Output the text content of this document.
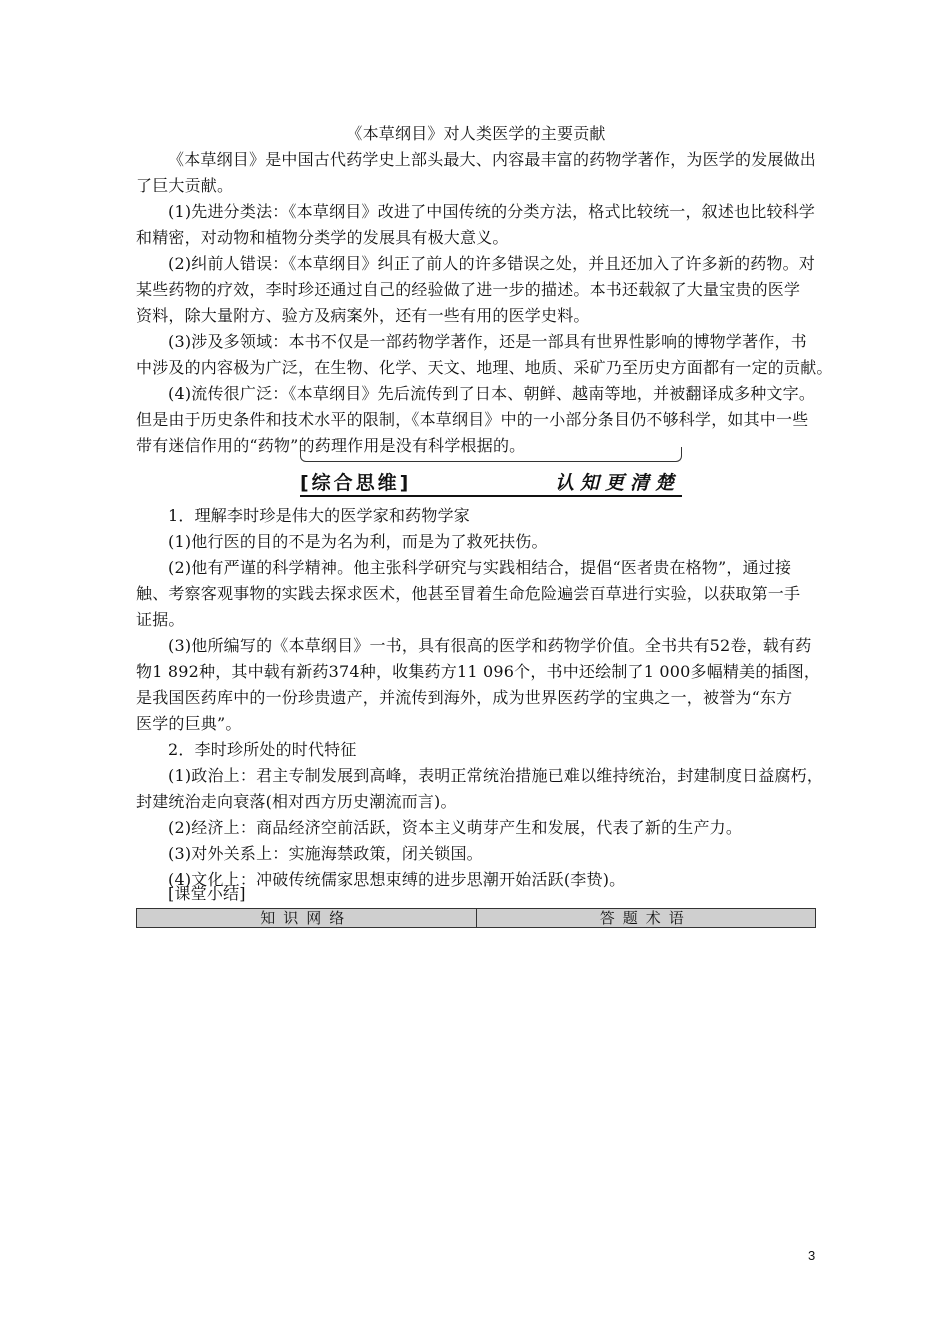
《本草纲目》对人类医学的主要贡献
《本草纲目》是中国古代药学史上部头最大、内容最丰富的药物学著作，为医学的发展做出
了巨大贡献。
(1)先进分类法：《本草纲目》改进了中国传统的分类方法，格式比较统一，叙述也比较科学
和精密，对动物和植物分类学的发展具有极大意义。
(2)纠前人错误：《本草纲目》纠正了前人的许多错误之处，并且还加入了许多新的药物。对
某些药物的疗效，李时珍还通过自己的经验做了进一步的描述。本书还载叙了大量宝贵的医学
资料，除大量附方、验方及病案外，还有一些有用的医学史料。
(3)涉及多领域：本书不仅是一部药物学著作，还是一部具有世界性影响的博物学著作，书
中涉及的内容极为广泛，在生物、化学、天文、地理、地质、采矿乃至历史方面都有一定的贡献。
(4)流传很广泛：《本草纲目》先后流传到了日本、朝鲜、越南等地，并被翻译成多种文字。
但是由于历史条件和技术水平的限制，《本草纲目》中的一小部分条目仍不够科学，如其中一些
带有迷信作用的“药物”的药理作用是没有科学根据的。
[综合思维]	认知更清楚
1．理解李时珍是伟大的医学家和药物学家
(1)他行医的目的不是为名为利，而是为了救死扶伤。
(2)他有严谨的科学精神。他主张科学研究与实践相结合，提倡“医者贵在格物”，通过接
触、考察客观事物的实践去探求医术，他甚至冒着生命危险遍尝百草进行实验，以获取第一手
证据。
(3)他所编写的《本草纲目》一书，具有很高的医学和药物学价值。全书共有52卷，载有药
物1 892种，其中载有新药374种，收集药方11 096个，书中还绘制了1 000多幅精美的插图，
是我国医药库中的一份珍贵遗产，并流传到海外，成为世界医药学的宝典之一，被誉为“东方
医学的巨典”。
2．李时珍所处的时代特征
(1)政治上：君主专制发展到高峰，表明正常统治措施已难以维持统治，封建制度日益腐朽，
封建统治走向衰落(相对西方历史潮流而言)。
(2)经济上：商品经济空前活跃，资本主义萌芽产生和发展，代表了新的生产力。
(3)对外关系上：实施海禁政策，闭关锁国。
(4)文化上：冲破传统儒家思想束缚的进步思潮开始活跃(李贽)。
[课堂小结]
知识网络	答题术语
3
